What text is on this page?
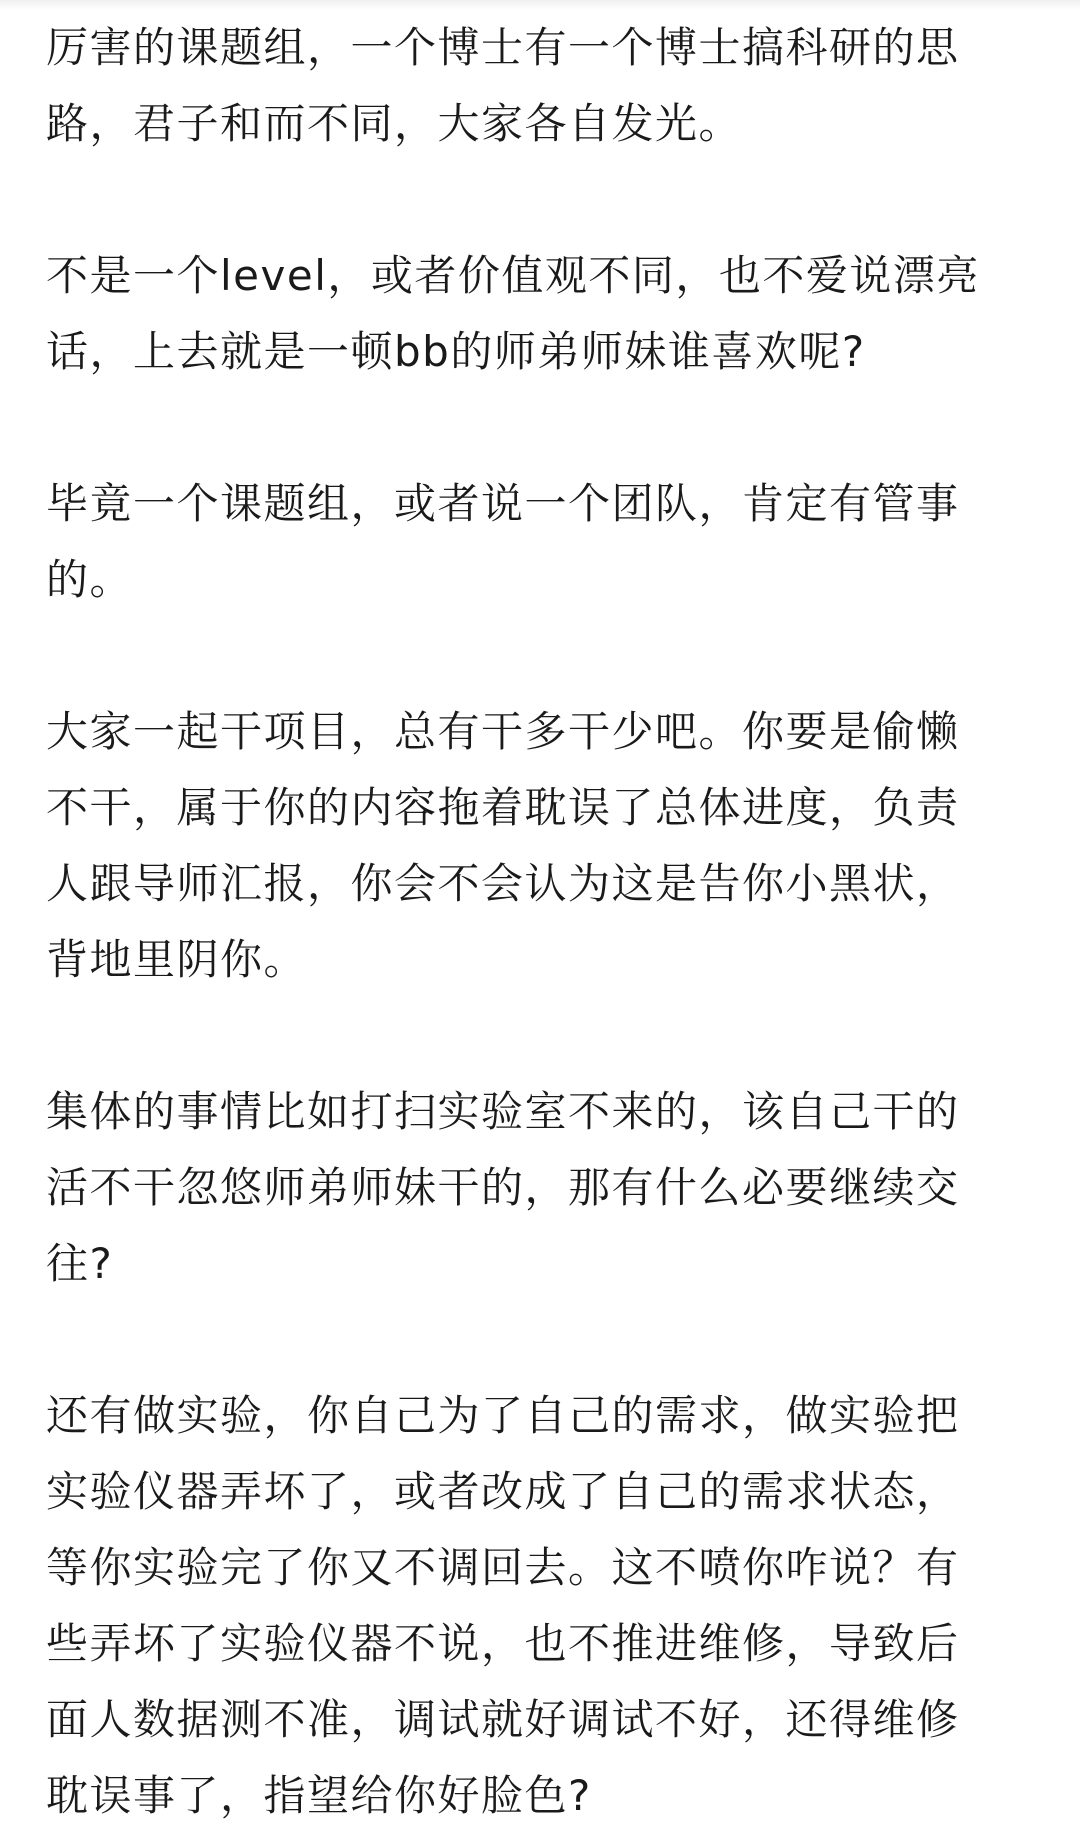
厉害的课题组，一个博士有一个博士搞科研的思
路，君子和而不同，大家各自发光。

不是一个level，或者价值观不同，也不爱说漂亮
话，上去就是一顿bb的师弟师妹谁喜欢呢?

毕竟一个课题组，或者说一个团队，肯定有管事
的。

大家一起干项目，总有干多干少吧。你要是偷懒
不干，属于你的内容拖着耽误了总体进度，负责
人跟导师汇报，你会不会认为这是告你小黑状，
背地里阴你。

集体的事情比如打扫实验室不来的，该自己干的
活不干忽悠师弟师妹干的，那有什么必要继续交
往?

还有做实验，你自己为了自己的需求，做实验把
实验仪器弄坏了，或者改成了自己的需求状态，
等你实验完了你又不调回去。这不喷你咋说？有
些弄坏了实验仪器不说，也不推进维修，导致后
面人数据测不准，调试就好调试不好，还得维修
耽误事了，指望给你好脸色?
